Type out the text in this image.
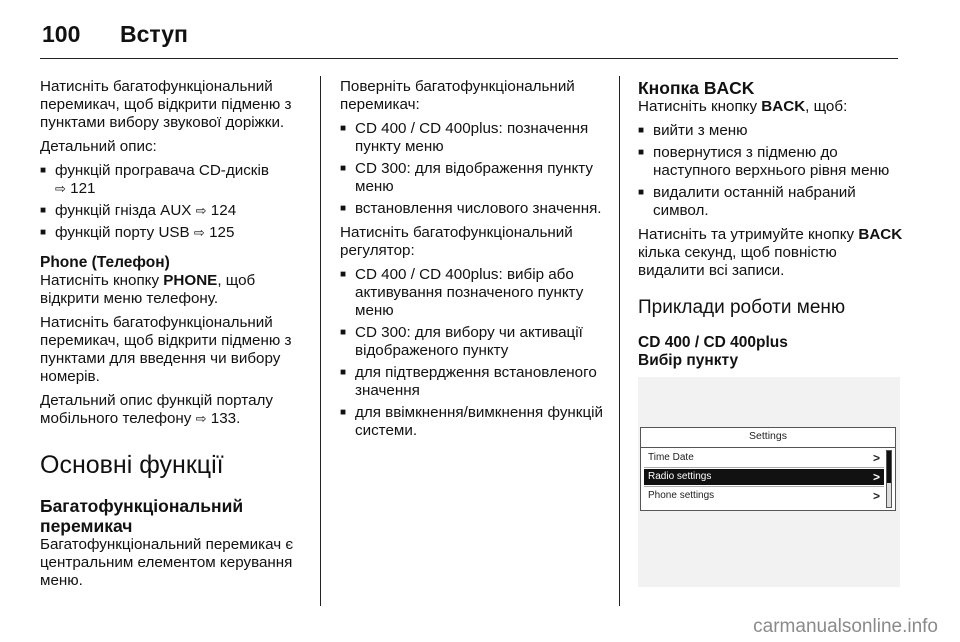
100	Вступ

Натисніть багатофункціональний перемикач, щоб відкрити підменю з пунктами вибору звукової доріжки.

Детальний опис:

■ функцій програвача CD-дисків ⇨ 121
■ функцій гнізда AUX ⇨ 124
■ функцій порту USB ⇨ 125
Phone (Телефон)

Натисніть кнопку PHONE, щоб відкрити меню телефону.

Натисніть багатофункціональний перемикач, щоб відкрити підменю з пунктами для введення чи вибору номерів.

Детальний опис функцій порталу мобільного телефону ⇨ 133.

Основні функції
Багатофункціональний перемикач

Багатофункціональний перемикач є центральним елементом керування меню.

Поверніть багатофункціональний перемикач:

■ CD 400 / CD 400plus: позначення пункту меню
■ CD 300: для відображення пункту меню
■ встановлення числового значення.

Натисніть багатофункціональний регулятор:

■ CD 400 / CD 400plus: вибір або активування позначеного пункту меню
■ CD 300: для вибору чи активації відображеного пункту
■ для підтвердження встановленого значення
■ для ввімкнення/вимкнення функцій системи.
Кнопка BACK

Натисніть кнопку BACK, щоб:

■ вийти з меню
■ повернутися з підменю до наступного верхнього рівня меню
■ видалити останній набраний символ.

Натисніть та утримуйте кнопку BACK кілька секунд, щоб повністю видалити всі записи.

Приклади роботи меню
CD 400 / CD 400plus
Вибір пункту
Settings
Time Date	>
Radio settings	>
Phone settings	>
carmanualsonline.info
